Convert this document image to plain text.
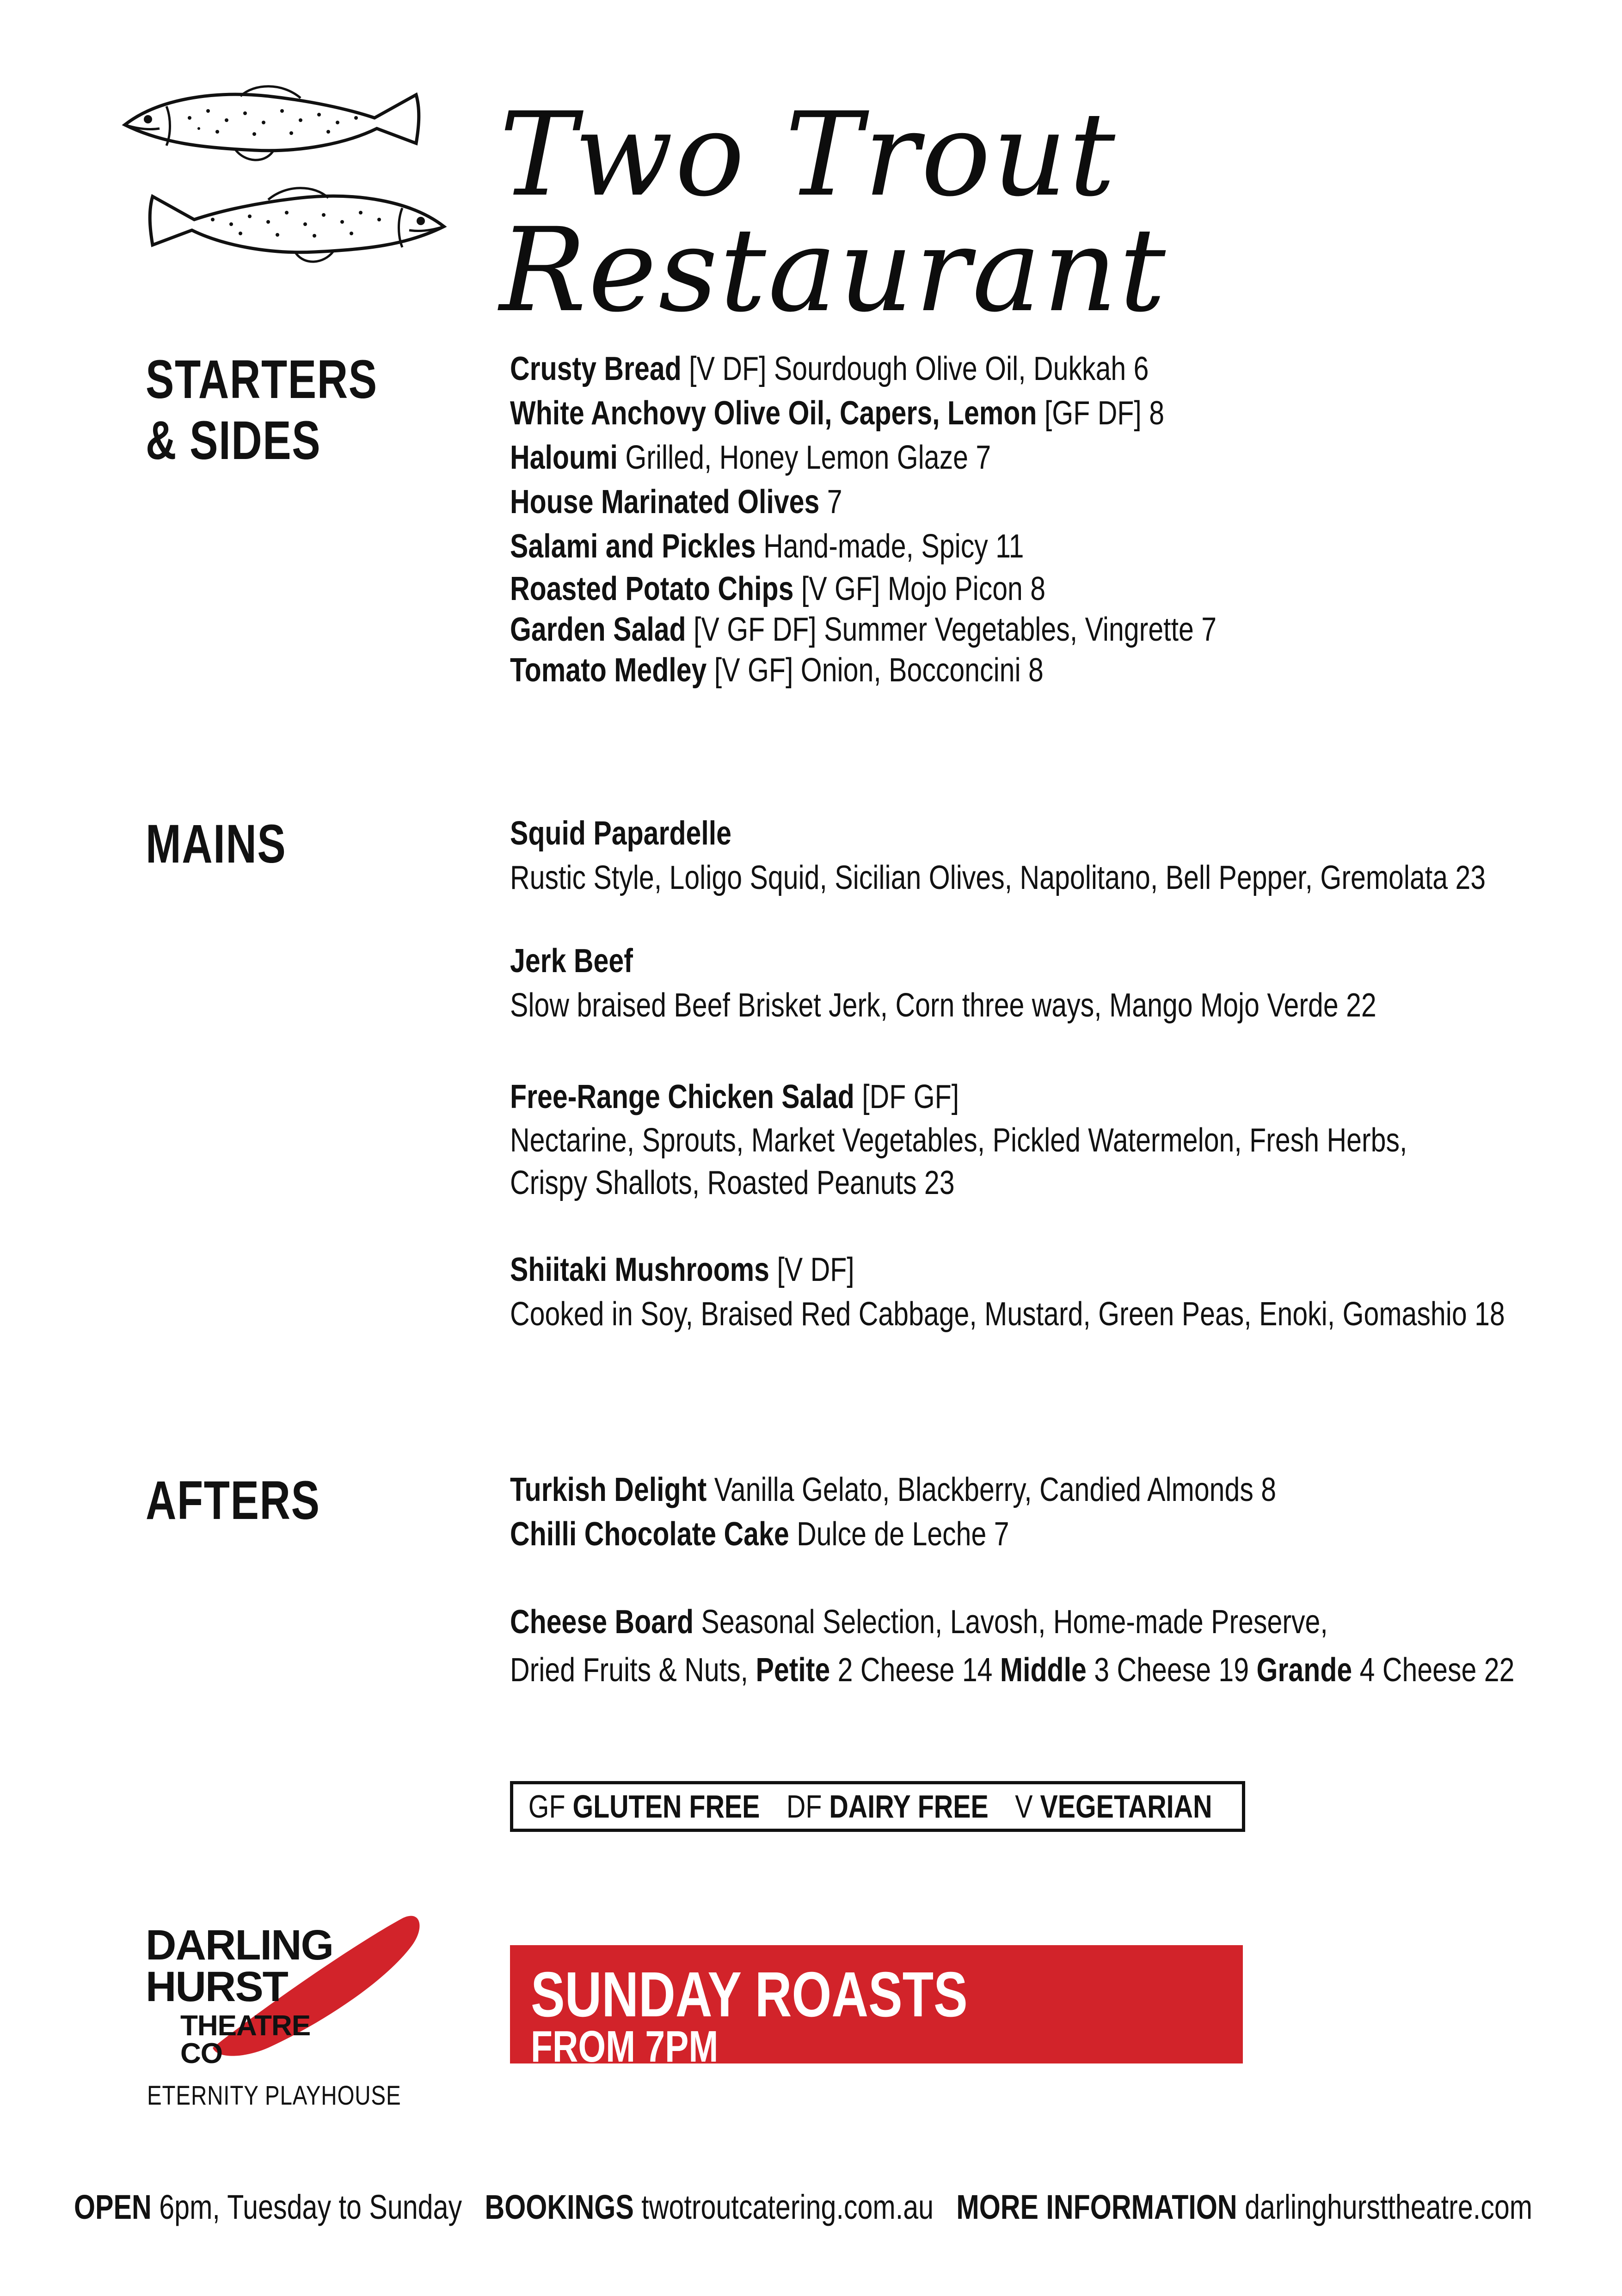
Two Trout Restaurant
STARTERS
& SIDES
Crusty Bread [V DF] Sourdough Olive Oil, Dukkah 6
White Anchovy Olive Oil, Capers, Lemon [GF DF] 8
Haloumi Grilled, Honey Lemon Glaze 7
House Marinated Olives 7
Salami and Pickles Hand-made, Spicy 11
Roasted Potato Chips [V GF] Mojo Picon 8
Garden Salad [V GF DF] Summer Vegetables, Vingrette 7
Tomato Medley [V GF] Onion, Bocconcini 8
MAINS	Squid Papardelle
Rustic Style, Loligo Squid, Sicilian Olives, Napolitano, Bell Pepper, Gremolata 23
Jerk Beef
Slow braised Beef Brisket Jerk, Corn three ways, Mango Mojo Verde 22
Free-Range Chicken Salad [DF GF]
Nectarine, Sprouts, Market Vegetables, Pickled Watermelon, Fresh Herbs,
Crispy Shallots, Roasted Peanuts 23
Shiitaki Mushrooms [V DF]
Cooked in Soy, Braised Red Cabbage, Mustard, Green Peas, Enoki, Gomashio 18
AFTERS	Turkish Delight Vanilla Gelato, Blackberry, Candied Almonds 8
Chilli Chocolate Cake Dulce de Leche 7
Cheese Board Seasonal Selection, Lavosh, Home-made Preserve,
Dried Fruits & Nuts, Petite 2 Cheese 14 Middle 3 Cheese 19 Grande 4 Cheese 22
GF GLUTEN FREE DF DAIRY FREE V VEGETARIAN
DARLING
HURST
THEATRE
CO
ETERNITY PLAYHOUSE
SUNDAY ROASTS
FROM 7PM
OPEN 6pm, Tuesday to Sunday BOOKINGS twotroutcatering.com.au MORE INFORMATION darlinghursttheatre.com
